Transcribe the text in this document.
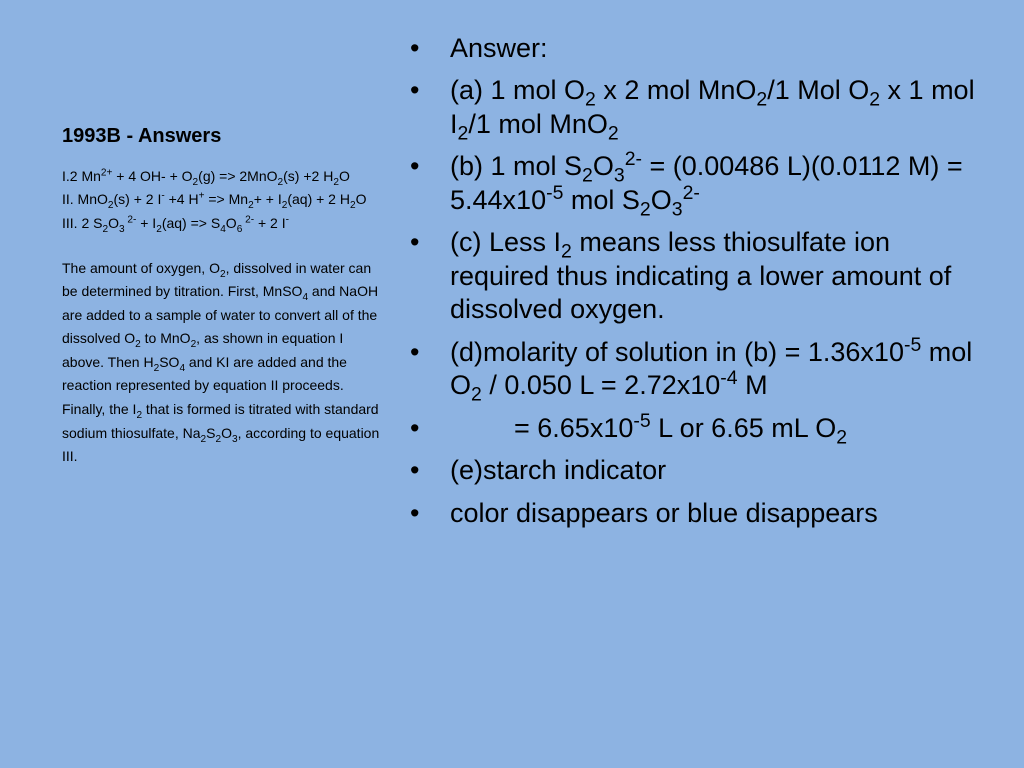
1993B - Answers

I.2 $Mn^{2+} + 4$ $OH- + O_2(g) => 2MnO_2(s) +2$ $H_2O$

II. MnO$_2$(s) + 2 I- +4 $H^+ => Mn_2+ + I_2(aq) + 2$ $H_2O$

III. 2 $S_2O_3$ $^{2-} + I_2(aq) => S_4O_6$ $^{2-}$ + 2 I-

The amount of oxygen, $O_2$, dissolved in water can be determined by titration. First, MnSO$_4$ and NaOH are added to a sample of water to convert all of the dissolved $O_2$ to MnO$_2$, as shown in equation I above. Then $H_2SO_4$ and KI are added and the reaction represented by equation II proceeds. Finally, the $I_2$ that is formed is titrated with standard sodium thiosulfate, $Na_2S_2O_3$, according to equation III.

• Answer:
• (a) 1 mol $O_2$ x 2 mol MnO$_2$/1 Mol $O_2$ x 1 mol $I_2/1$ mol MnO$_2$
• (b) 1 mol $S_2O_3^{2-} = (0.00486$ L)(0.0112 $M) = 5.44x10^{-5}$ mol $S_2O_3^{2-}$
• (c) Less $I_2$ means less thiosulfate ion required thus indicating a lower amount of dissolved oxygen.
• (d)molarity of solution in $(b) = 1.36x10^{-5}$ mol $O_2 / 0.050$ $L = 2.72x10^{-4}$ M
•	= $6.65x10^{-5}$ L or 6.65 mL $O_2$
• (e)starch indicator
• color disappears or blue disappears
